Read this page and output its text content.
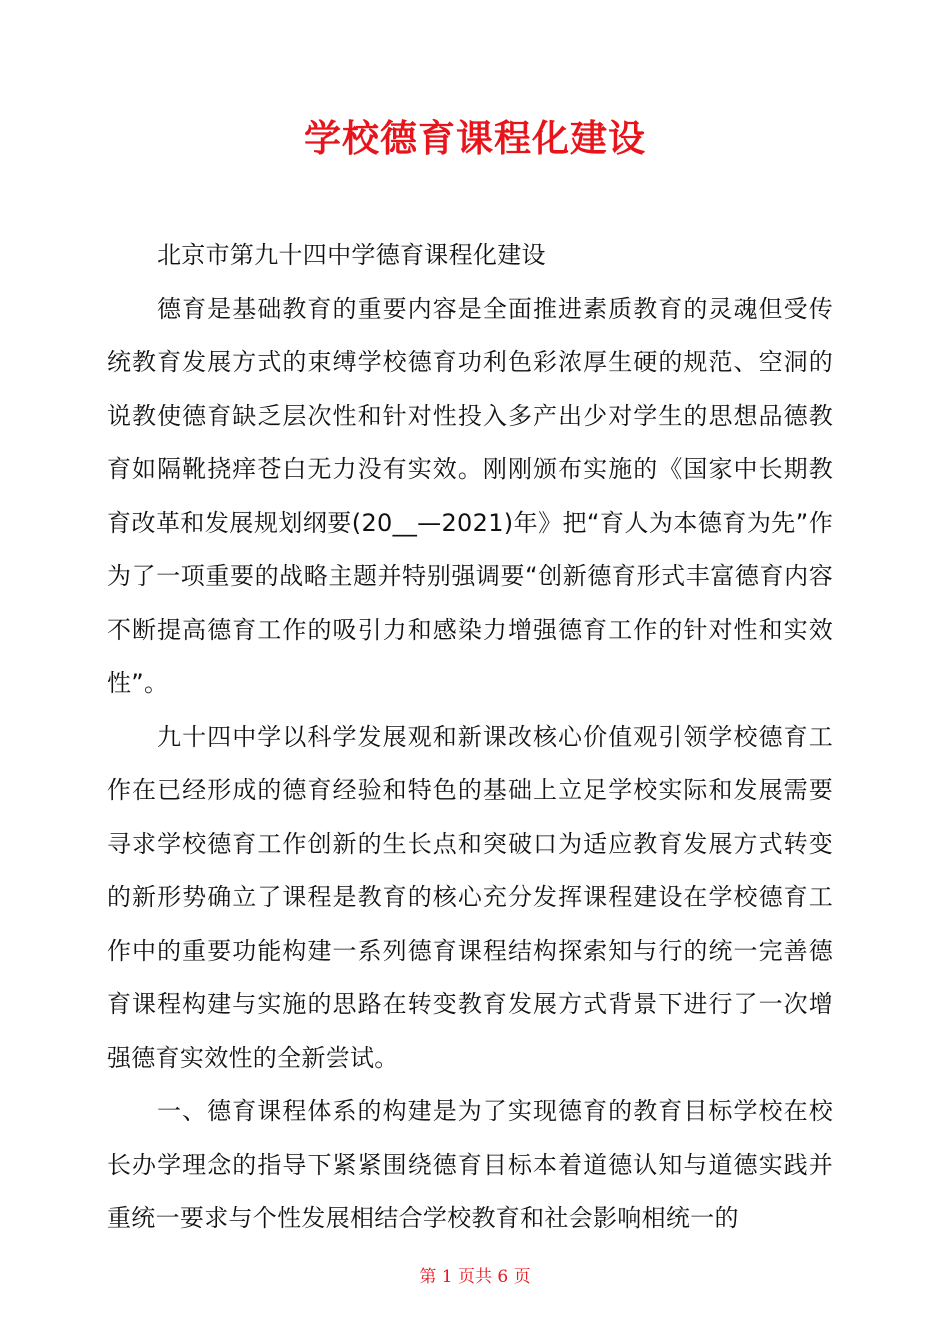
学校德育课程化建设

北京市第九十四中学德育课程化建设

德育是基础教育的重要内容是全面推进素质教育的灵魂但受传统教育发展方式的束缚学校德育功利色彩浓厚生硬的规范、空洞的说教使德育缺乏层次性和针对性投入多产出少对学生的思想品德教育如隔靴挠痒苍白无力没有实效。刚刚颁布实施的《国家中长期教育改革和发展规划纲要(20__—2021)年》把“育人为本德育为先”作为了一项重要的战略主题并特别强调要“创新德育形式丰富德育内容不断提高德育工作的吸引力和感染力增强德育工作的针对性和实效性”。

九十四中学以科学发展观和新课改核心价值观引领学校德育工作在已经形成的德育经验和特色的基础上立足学校实际和发展需要寻求学校德育工作创新的生长点和突破口为适应教育发展方式转变的新形势确立了课程是教育的核心充分发挥课程建设在学校德育工作中的重要功能构建一系列德育课程结构探索知与行的统一完善德育课程构建与实施的思路在转变教育发展方式背景下进行了一次增强德育实效性的全新尝试。

一、德育课程体系的构建是为了实现德育的教育目标学校在校长办学理念的指导下紧紧围绕德育目标本着道德认知与道德实践并重统一要求与个性发展相结合学校教育和社会影响相统一的

第 1 页共 6 页
